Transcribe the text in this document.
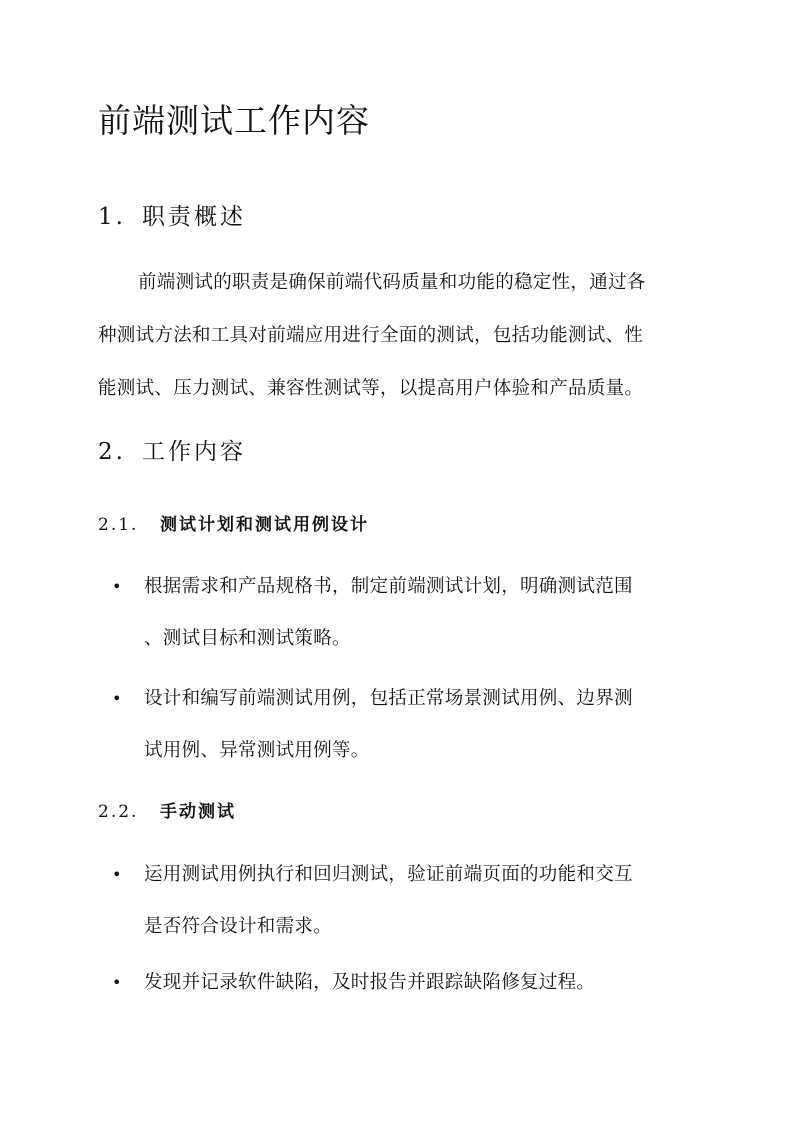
前端测试工作内容
1. 职责概述
前端测试的职责是确保前端代码质量和功能的稳定性，通过各
种测试方法和工具对前端应用进行全面的测试，包括功能测试、性
能测试、压力测试、兼容性测试等，以提高用户体验和产品质量。
2. 工作内容
2.1. 测试计划和测试用例设计
• 根据需求和产品规格书，制定前端测试计划，明确测试范围
、测试目标和测试策略。
• 设计和编写前端测试用例，包括正常场景测试用例、边界测
试用例、异常测试用例等。
2.2. 手动测试
• 运用测试用例执行和回归测试，验证前端页面的功能和交互
是否符合设计和需求。
• 发现并记录软件缺陷，及时报告并跟踪缺陷修复过程。
